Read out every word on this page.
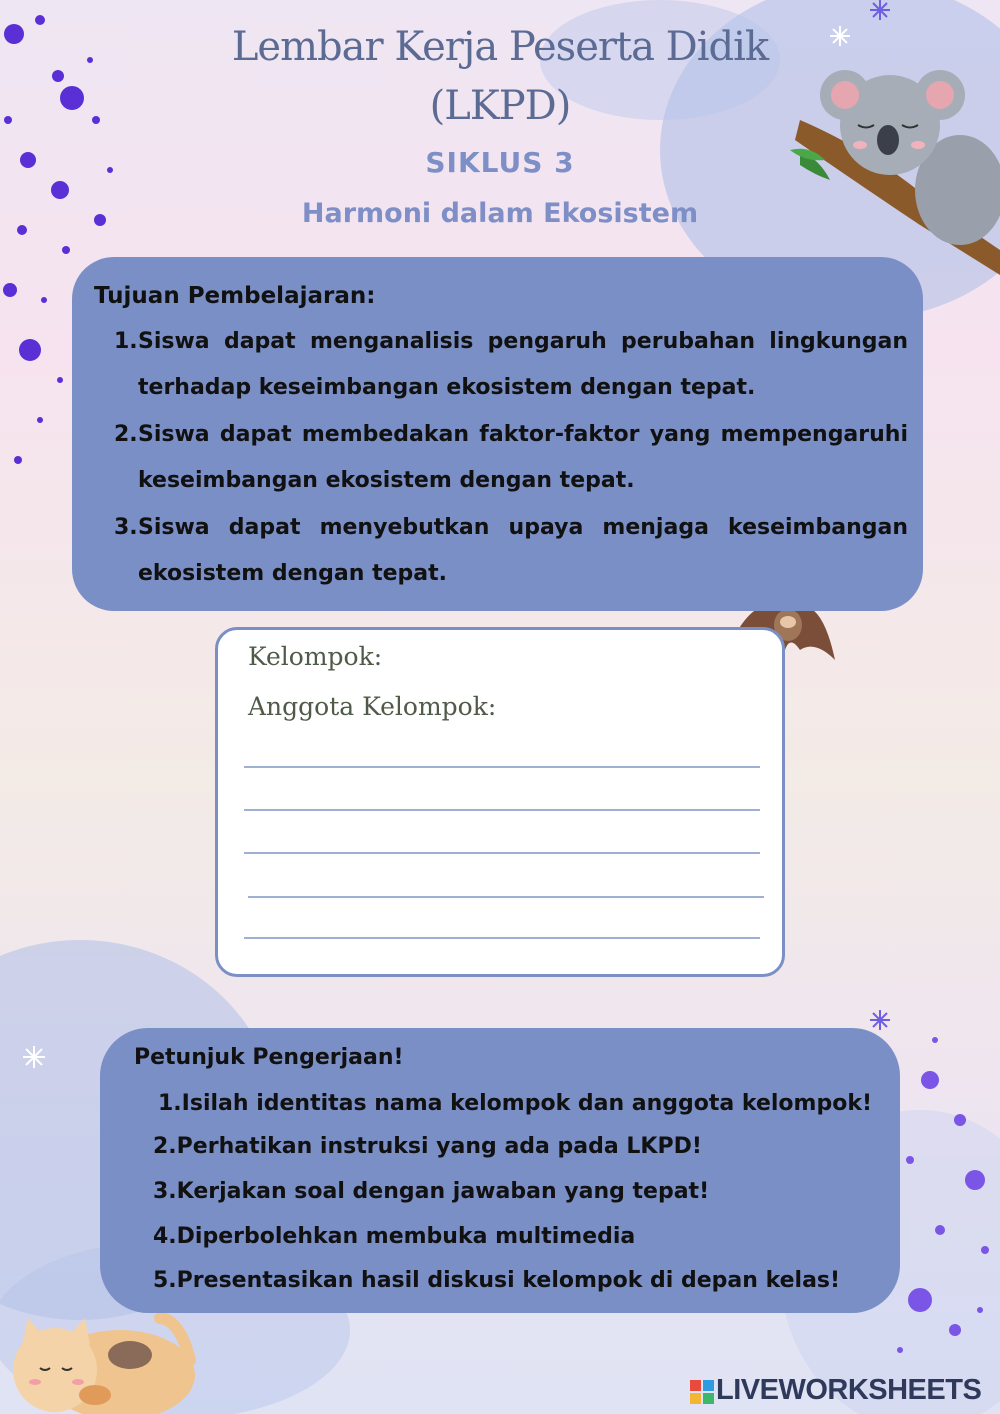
Lembar Kerja Peserta Didik
(LKPD)
SIKLUS 3
Harmoni dalam Ekosistem
Tujuan Pembelajaran:
1. Siswa dapat menganalisis pengaruh perubahan lingkungan terhadap keseimbangan ekosistem dengan tepat.
2. Siswa dapat membedakan faktor-faktor yang mempengaruhi keseimbangan ekosistem dengan tepat.
3. Siswa dapat menyebutkan upaya menjaga keseimbangan ekosistem dengan tepat.
Kelompok:
Anggota Kelompok:
Petunjuk Pengerjaan!
1.Isilah identitas nama kelompok dan anggota kelompok!
2.Perhatikan instruksi yang ada pada LKPD!
3.Kerjakan soal dengan jawaban yang tepat!
4.Diperbolehkan membuka multimedia
5.Presentasikan hasil diskusi kelompok di depan kelas!
LIVEWORKSHEETS
